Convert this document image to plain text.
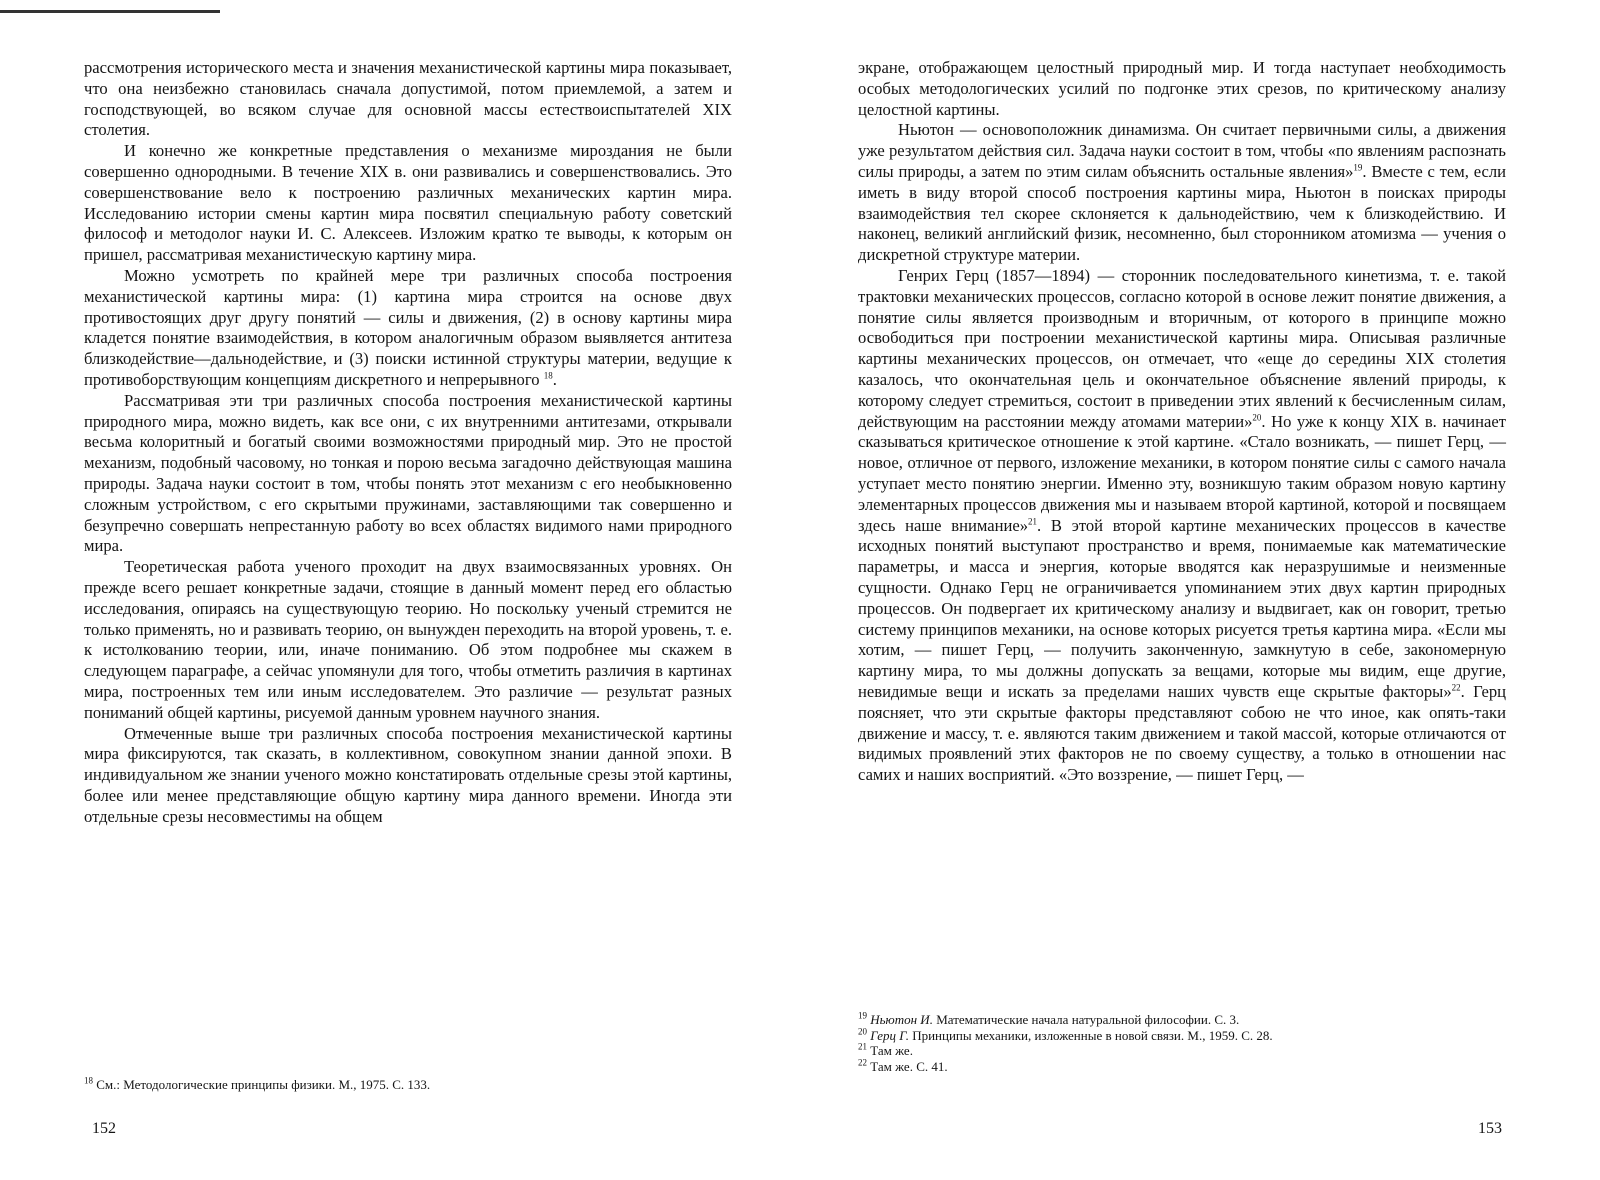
рассмотрения исторического места и значения механистической картины мира показывает, что она неизбежно становилась сначала допустимой, потом приемлемой, а затем и господствующей, во всяком случае для основной массы естествоиспытателей XIX столетия.

И конечно же конкретные представления о механизме мироздания не были совершенно однородными. В течение XIX в. они развивались и совершенствовались. Это совершенствование вело к построению различных механических картин мира. Исследованию истории смены картин мира посвятил специальную работу советский философ и методолог науки И. С. Алексеев. Изложим кратко те выводы, к которым он пришел, рассматривая механистическую картину мира.

Можно усмотреть по крайней мере три различных способа построения механистической картины мира: (1) картина мира строится на основе двух противостоящих друг другу понятий — силы и движения, (2) в основу картины мира кладется понятие взаимодействия, в котором аналогичным образом выявляется антитеза близкодействие—дальнодействие, и (3) поиски истинной структуры материи, ведущие к противоборствующим концепциям дискретного и непрерывного $^{18}$.

Рассматривая эти три различных способа построения механистической картины природного мира, можно видеть, как все они, с их внутренними антитезами, открывали весьма колоритный и богатый своими возможностями природный мир. Это не простой механизм, подобный часовому, но тонкая и порою весьма загадочно действующая машина природы. Задача науки состоит в том, чтобы понять этот механизм с его необыкновенно сложным устройством, с его скрытыми пружинами, заставляющими так совершенно и безупречно совершать непрестанную работу во всех областях видимого нами природного мира.

Теоретическая работа ученого проходит на двух взаимосвязанных уровнях. Он прежде всего решает конкретные задачи, стоящие в данный момент перед его областью исследования, опираясь на существующую теорию. Но поскольку ученый стремится не только применять, но и развивать теорию, он вынужден переходить на второй уровень, т. е. к истолкованию теории, или, иначе пониманию. Об этом подробнее мы скажем в следующем параграфе, а сейчас упомянули для того, чтобы отметить различия в картинах мира, построенных тем или иным исследователем. Это различие — результат разных пониманий общей картины, рисуемой данным уровнем научного знания.

Отмеченные выше три различных способа построения механистической картины мира фиксируются, так сказать, в коллективном, совокупном знании данной эпохи. В индивидуальном же знании ученого можно констатировать отдельные срезы этой картины, более или менее представляющие общую картину мира данного времени. Иногда эти отдельные срезы несовместимы на общем

$^{18}$ См.: Методологические принципы физики. М., 1975. С. 133.
152

экране, отображающем целостный природный мир. И тогда наступает необходимость особых методологических усилий по подгонке этих срезов, по критическому анализу целостной картины.

Ньютон — основоположник динамизма. Он считает первичными силы, а движения уже результатом действия сил. Задача науки состоит в том, чтобы «по явлениям распознать силы природы, а затем по этим силам объяснить остальные явления»$^{19}$. Вместе с тем, если иметь в виду второй способ построения картины мира, Ньютон в поисках природы взаимодействия тел скорее склоняется к дальнодействию, чем к близкодействию. И наконец, великий английский физик, несомненно, был сторонником атомизма — учения о дискретной структуре материи.

Генрих Герц (1857—1894) — сторонник последовательного кинетизма, т. е. такой трактовки механических процессов, согласно которой в основе лежит понятие движения, а понятие силы является производным и вторичным, от которого в принципе можно освободиться при построении механистической картины мира. Описывая различные картины механических процессов, он отмечает, что «еще до середины XIX столетия казалось, что окончательная цель и окончательное объяснение явлений природы, к которому следует стремиться, состоит в приведении этих явлений к бесчисленным силам, действующим на расстоянии между атомами материи»$^{20}$. Но уже к концу XIX в. начинает сказываться критическое отношение к этой картине. «Стало возникать, — пишет Герц, — новое, отличное от первого, изложение механики, в котором понятие силы с самого начала уступает место понятию энергии. Именно эту, возникшую таким образом новую картину элементарных процессов движения мы и называем второй картиной, которой и посвящаем здесь наше внимание»$^{21}$. В этой второй картине механических процессов в качестве исходных понятий выступают пространство и время, понимаемые как математические параметры, и масса и энергия, которые вводятся как неразрушимые и неизменные сущности. Однако Герц не ограничивается упоминанием этих двух картин природных процессов. Он подвергает их критическому анализу и выдвигает, как он говорит, третью систему принципов механики, на основе которых рисуется третья картина мира. «Если мы хотим, — пишет Герц, — получить законченную, замкнутую в себе, закономерную картину мира, то мы должны допускать за вещами, которые мы видим, еще другие, невидимые вещи и искать за пределами наших чувств еще скрытые факторы»$^{22}$. Герц поясняет, что эти скрытые факторы представляют собою не что иное, как опять-таки движение и массу, т. е. являются таким движением и такой массой, которые отличаются от видимых проявлений этих факторов не по своему существу, а только в отношении нас самих и наших восприятий. «Это воззрение, — пишет Герц, —

$^{19}$ Ньютон И. Математические начала натуральной философии. С. 3.
$^{20}$ Герц Г. Принципы механики, изложенные в новой связи. М., 1959. С. 28.
$^{21}$ Там же.
$^{22}$ Там же. С. 41.
153
